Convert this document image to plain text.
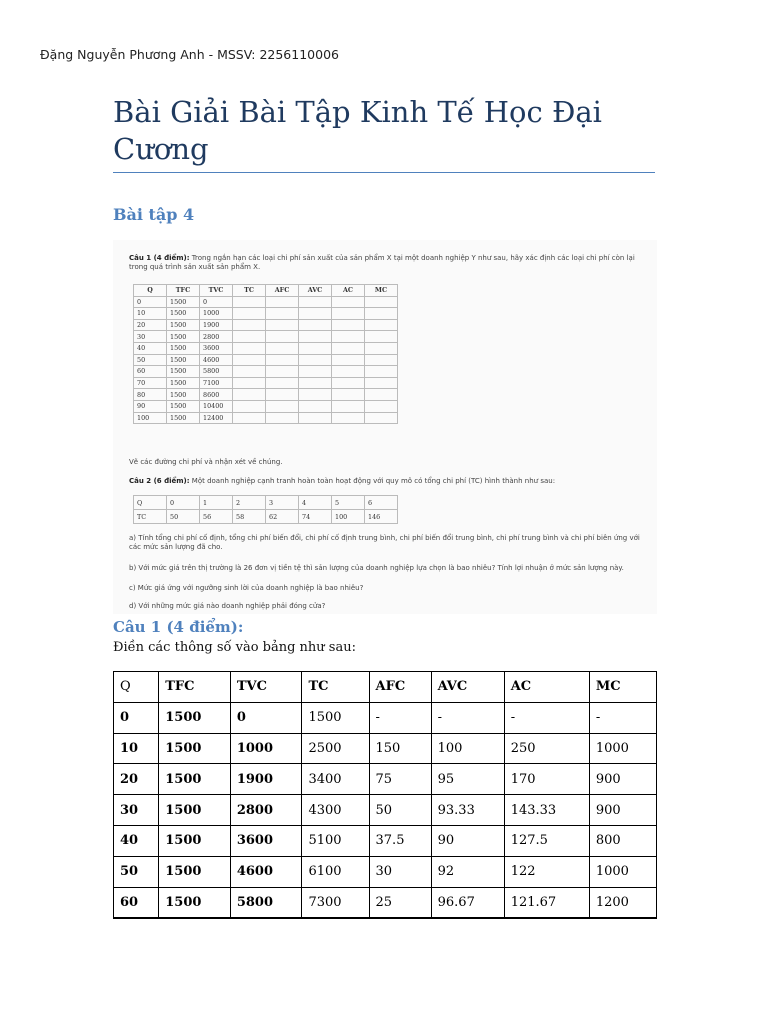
Đặng Nguyễn Phương Anh - MSSV: 2256110006
Bài Giải Bài Tập Kinh Tế Học Đại Cương
Bài tập 4
Câu 1 (4 điểm): Trong ngắn hạn các loại chi phí sản xuất của sản phẩm X tại một doanh nghiệp Y như sau, hãy xác định các loại chi phí còn lại trong quá trình sản xuất sản phẩm X.
Q	TFC	TVC	TC	AFC	AVC	AC	MC
0	1500	0					
10	1500	1000					
20	1500	1900					
30	1500	2800					
40	1500	3600					
50	1500	4600					
60	1500	5800					
70	1500	7100					
80	1500	8600					
90	1500	10400					
100	1500	12400					
Vẽ các đường chi phí và nhận xét về chúng.
Câu 2 (6 điểm): Một doanh nghiệp cạnh tranh hoàn toàn hoạt động với quy mô có tổng chi phí (TC) hình thành như sau:
Q	0	1	2	3	4	5	6
TC	50	56	58	62	74	100	146
a) Tính tổng chi phí cố định, tổng chi phí biến đổi, chi phí cố định trung bình, chi phí biến đổi trung bình, chi phí trung bình và chi phí biên ứng với các mức sản lượng đã cho.
b) Với mức giá trên thị trường là 26 đơn vị tiền tệ thì sản lượng của doanh nghiệp lựa chọn là bao nhiêu? Tính lợi nhuận ở mức sản lượng này.
c) Mức giá ứng với ngưỡng sinh lời của doanh nghiệp là bao nhiêu?
d) Với những mức giá nào doanh nghiệp phải đóng cửa?
Câu 1 (4 điểm):

Điền các thông số vào bảng như sau:

Q	TFC	TVC	TC	AFC	AVC	AC	MC
0	1500	0	1500	-	-	-	-
10	1500	1000	2500	150	100	250	1000
20	1500	1900	3400	75	95	170	900
30	1500	2800	4300	50	93.33	143.33	900
40	1500	3600	5100	37.5	90	127.5	800
50	1500	4600	6100	30	92	122	1000
60	1500	5800	7300	25	96.67	121.67	1200
